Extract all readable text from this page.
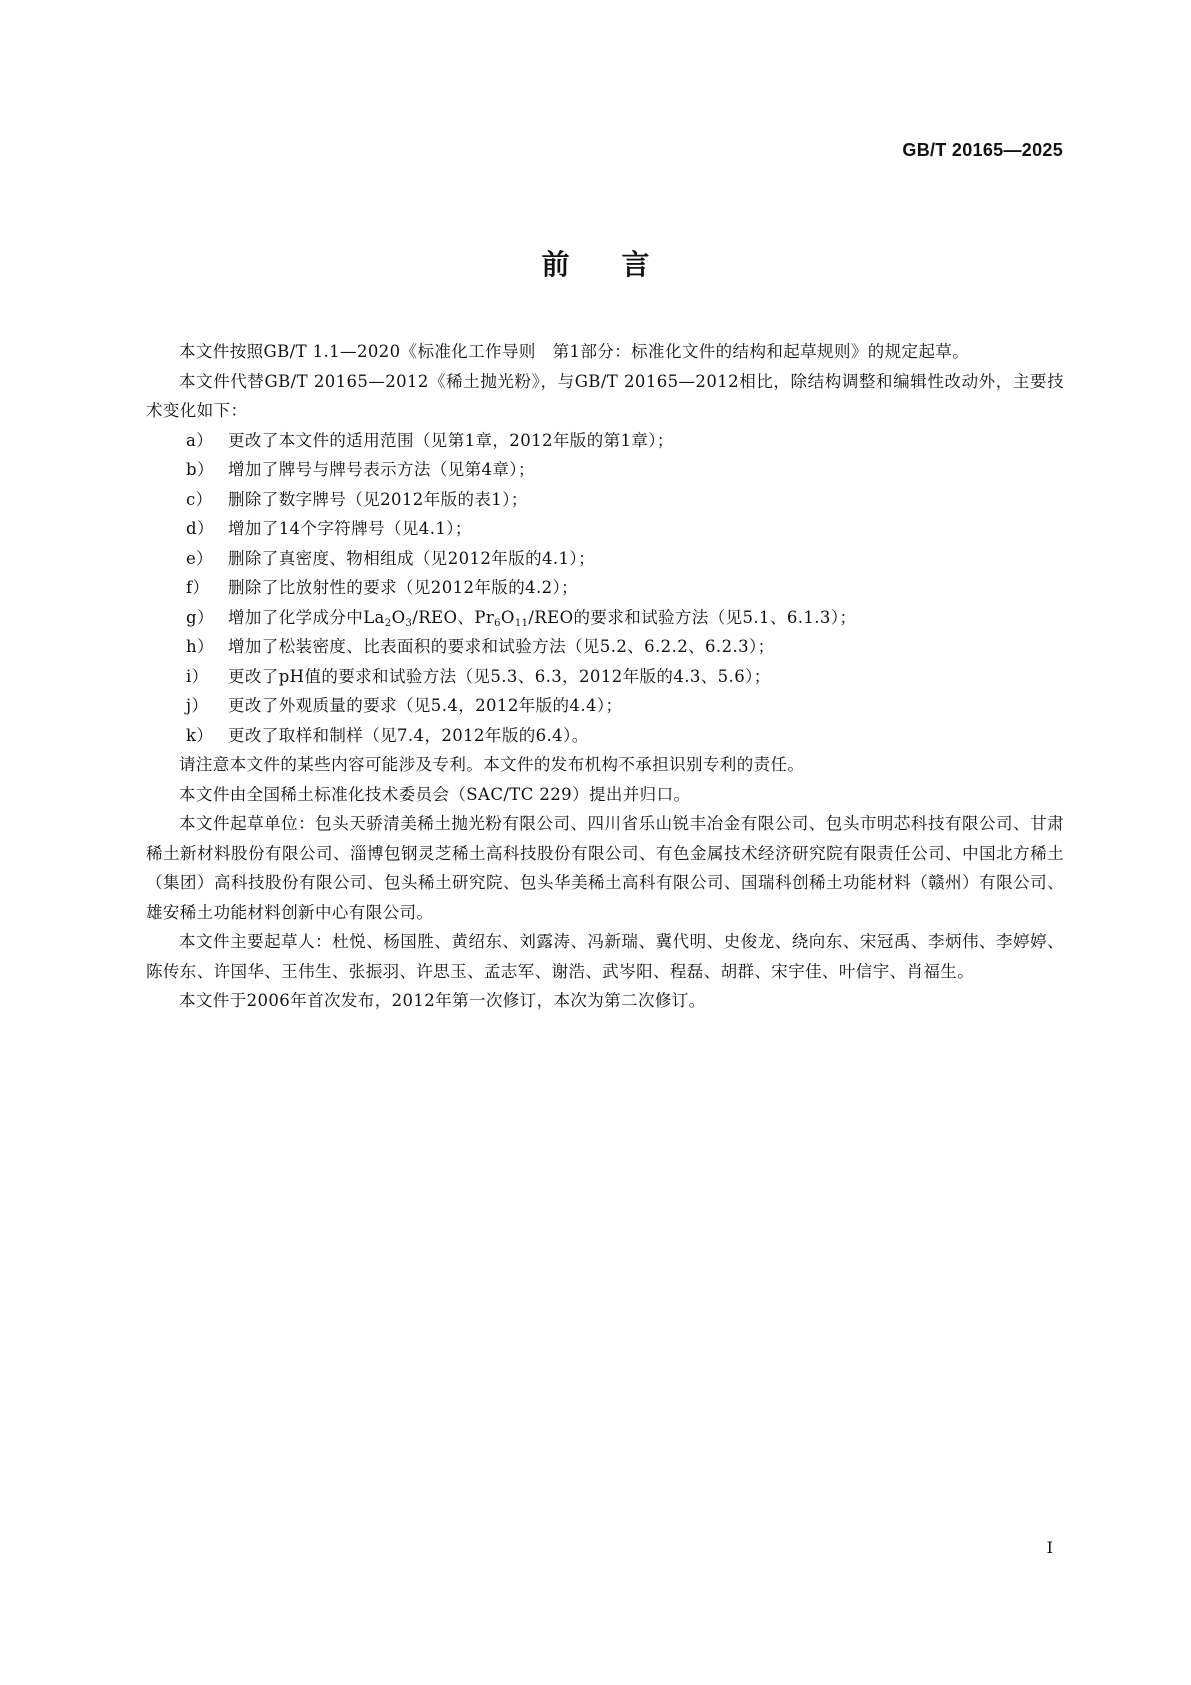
GB/T 20165—2025
前言

本文件按照GB/T 1.1—2020《标准化工作导则　第1部分：标准化文件的结构和起草规则》的规定起草。

本文件代替GB/T 20165—2012《稀土抛光粉》，与GB/T 20165—2012相比，除结构调整和编辑性改动外，主要技术变化如下：

a） 更改了本文件的适用范围（见第1章，2012年版的第1章）；

b） 增加了牌号与牌号表示方法（见第4章）；

c） 删除了数字牌号（见2012年版的表1）；

d） 增加了14个字符牌号（见4.1）；

e） 删除了真密度、物相组成（见2012年版的4.1）；

f） 删除了比放射性的要求（见2012年版的4.2）；

g） 增加了化学成分中$La_2O_3$/REO、$Pr_6O_{11}$/REO的要求和试验方法（见5.1、6.1.3）；

h） 增加了松装密度、比表面积的要求和试验方法（见5.2、6.2.2、6.2.3）；

i） 更改了pH值的要求和试验方法（见5.3、6.3，2012年版的4.3、5.6）；

j） 更改了外观质量的要求（见5.4，2012年版的4.4）；

k） 更改了取样和制样（见7.4，2012年版的6.4）。

请注意本文件的某些内容可能涉及专利。本文件的发布机构不承担识别专利的责任。

本文件由全国稀土标准化技术委员会（SAC/TC 229）提出并归口。

本文件起草单位：包头天骄清美稀土抛光粉有限公司、四川省乐山锐丰冶金有限公司、包头市明芯科技有限公司、甘肃稀土新材料股份有限公司、淄博包钢灵芝稀土高科技股份有限公司、有色金属技术经济研究院有限责任公司、中国北方稀土（集团）高科技股份有限公司、包头稀土研究院、包头华美稀土高科有限公司、国瑞科创稀土功能材料（赣州）有限公司、雄安稀土功能材料创新中心有限公司。

本文件主要起草人：杜悦、杨国胜、黄绍东、刘露涛、冯新瑞、冀代明、史俊龙、绕向东、宋冠禹、李炳伟、李婷婷、陈传东、许国华、王伟生、张振羽、许思玉、孟志军、谢浩、武岑阳、程磊、胡群、宋宇佳、叶信宇、肖福生。

本文件于2006年首次发布，2012年第一次修订，本次为第二次修订。

I
